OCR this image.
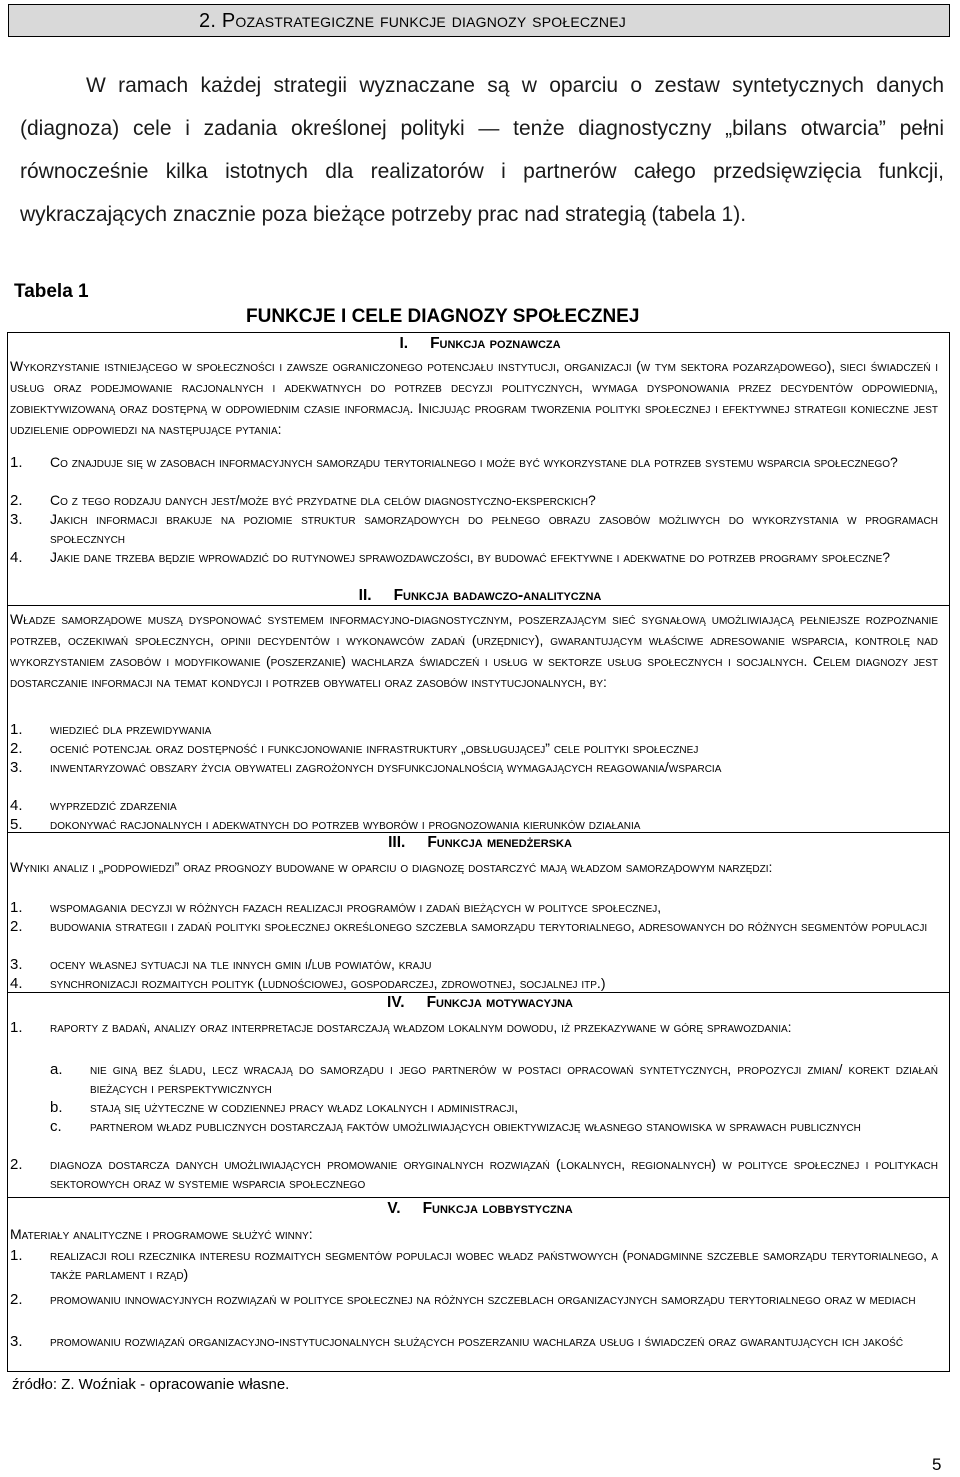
2. Pozastrategiczne funkcje diagnozy społecznej

W ramach każdej strategii wyznaczane są w oparciu o zestaw syntetycznych danych (diagnoza) cele i zadania określonej polityki — tenże diagnostyczny „bilans otwarcia” pełni równocześnie kilka istotnych dla realizatorów i partnerów całego przedsięwzięcia funkcji, wykraczających znacznie poza bieżące potrzeby prac nad strategią (tabela 1).

Tabela 1
FUNKCJE I CELE DIAGNOZY SPOŁECZNEJ
I. Funkcja poznawcza
Wykorzystanie istniejącego w społeczności i zawsze ograniczonego potencjału instytucji, organizacji (w tym sektora pozarządowego), sieci świadczeń i usług oraz podejmowanie racjonalnych i adekwatnych do potrzeb decyzji politycznych, wymaga dysponowania przez decydentów odpowiednią, zobiektywizowaną oraz dostępną w odpowiednim czasie informacją. Inicjując program tworzenia polityki społecznej i efektywnej strategii konieczne jest udzielenie odpowiedzi na następujące pytania:
1. Co znajduje się w zasobach informacyjnych samorządu terytorialnego i może być wykorzystane dla potrzeb systemu wsparcia społecznego?
2. Co z tego rodzaju danych jest/może być przydatne dla celów diagnostyczno-eksperckich?
3. Jakich informacji brakuje na poziomie struktur samorządowych do pełnego obrazu zasobów możliwych do wykorzystania w programach społecznych
4. Jakie dane trzeba będzie wprowadzić do rutynowej sprawozdawczości, by budować efektywne i adekwatne do potrzeb programy społeczne?
II. Funkcja badawczo-analityczna
Władze samorządowe muszą dysponować systemem informacyjno-diagnostycznym, poszerzającym sieć sygnałową umożliwiającą pełniejsze rozpoznanie potrzeb, oczekiwań społecznych, opinii decydentów i wykonawców zadań (urzędnicy), gwarantującym właściwe adresowanie wsparcia, kontrolę nad wykorzystaniem zasobów i modyfikowanie (poszerzanie) wachlarza świadczeń i usług w sektorze usług społecznych i socjalnych. Celem diagnozy jest dostarczanie informacji na temat kondycji i potrzeb obywateli oraz zasobów instytucjonalnych, by:
1. wiedzieć dla przewidywania
2. ocenić potencjał oraz dostępność i funkcjonowanie infrastruktury „obsługującej” cele polityki społecznej
3. inwentaryzować obszary życia obywateli zagrożonych dysfunkcjonalnością wymagających reagowania/wsparcia
4. wyprzedzić zdarzenia
5. dokonywać racjonalnych i adekwatnych do potrzeb wyborów i prognozowania kierunków działania
III. Funkcja menedżerska
Wyniki analiz i „podpowiedzi” oraz prognozy budowane w oparciu o diagnozę dostarczyć mają władzom samorządowym narzędzi:
1. wspomagania decyzji w różnych fazach realizacji programów i zadań bieżących w polityce społecznej,
2. budowania strategii i zadań polityki społecznej określonego szczebla samorządu terytorialnego, adresowanych do różnych segmentów populacji
3. oceny własnej sytuacji na tle innych gmin i/lub powiatów, kraju
4. synchronizacji rozmaitych polityk (ludnościowej, gospodarczej, zdrowotnej, socjalnej itp.)
IV. Funkcja motywacyjna
1. raporty z badań, analizy oraz interpretacje dostarczają władzom lokalnym dowodu, iż przekazywane w górę sprawozdania:
a. nie giną bez śladu, lecz wracają do samorządu i jego partnerów w postaci opracowań syntetycznych, propozycji zmian/ korekt działań bieżących i perspektywicznych
b. stają się użyteczne w codziennej pracy władz lokalnych i administracji,
c. partnerom władz publicznych dostarczają faktów umożliwiających obiektywizację własnego stanowiska w sprawach publicznych
2. diagnoza dostarcza danych umożliwiających promowanie oryginalnych rozwiązań (lokalnych, regionalnych) w polityce społecznej i politykach sektorowych oraz w systemie wsparcia społecznego
V. Funkcja lobbystyczna
Materiały analityczne i programowe służyć winny:
1. realizacji roli rzecznika interesu rozmaitych segmentów populacji wobec władz państwowych (ponadgminne szczeble samorządu terytorialnego, a także parlament i rząd)
2. promowaniu innowacyjnych rozwiązań w polityce społecznej na różnych szczeblach organizacyjnych samorządu terytorialnego oraz w mediach
3. promowaniu rozwiązań organizacyjno-instytucjonalnych służących poszerzaniu wachlarza usług i świadczeń oraz gwarantujących ich jakość
źródło: Z. Woźniak - opracowanie własne.
5
